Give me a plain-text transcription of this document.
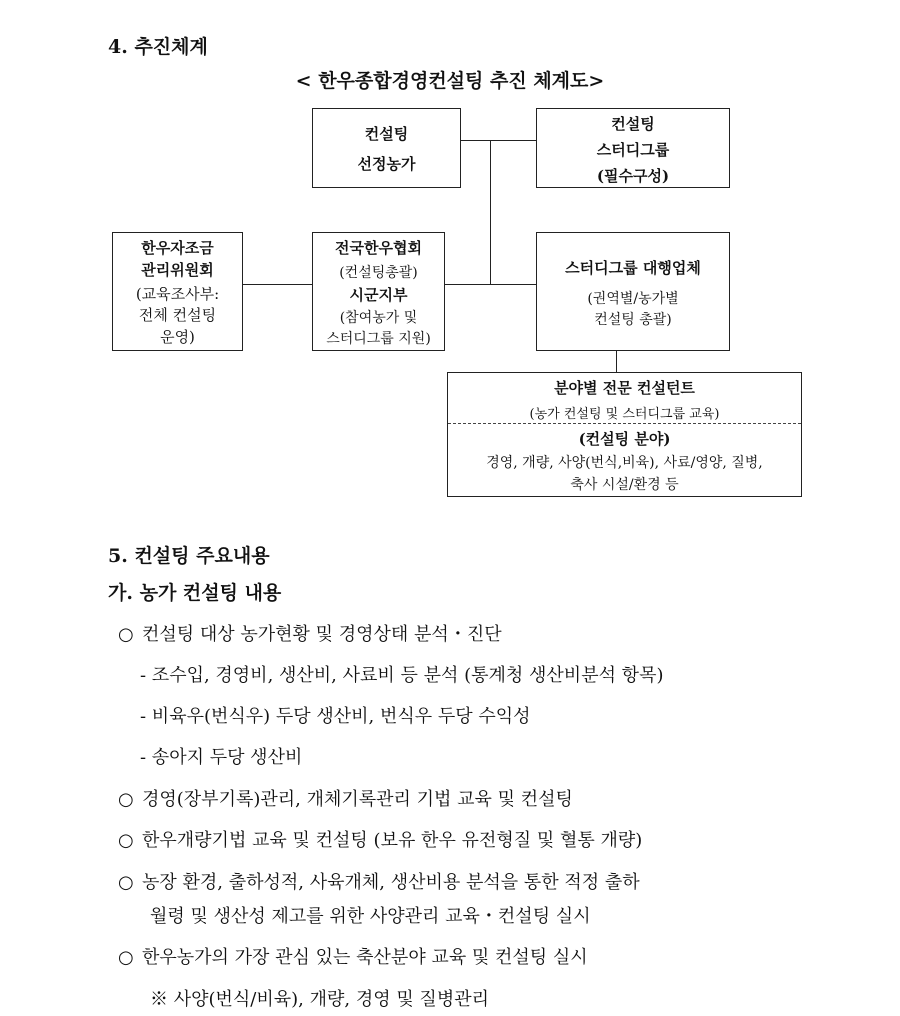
4. 추진체계
< 한우종합경영컨설팅 추진 체계도>
컨설팅
선정농가
컨설팅
스터디그룹
(필수구성)
한우자조금
관리위원회
(교육조사부:
전체 컨설팅
운영)
전국한우협회
(컨설팅총괄)
시군지부
(참여농가 및
스터디그룹 지원)
스터디그룹 대행업체
(권역별/농가별
컨설팅 총괄)
분야별 전문 컨설턴트
(농가 컨설팅 및 스터디그룹 교육)
(컨설팅 분야)
경영, 개량, 사양(번식,비육), 사료/영양, 질병,
축사 시설/환경 등
5. 컨설팅 주요내용
가. 농가 컨설팅 내용
○ 컨설팅 대상 농가현황 및 경영상태 분석・진단
- 조수입, 경영비, 생산비, 사료비 등 분석 (통계청 생산비분석 항목)
- 비육우(번식우) 두당 생산비, 번식우 두당 수익성
- 송아지 두당 생산비
○ 경영(장부기록)관리, 개체기록관리 기법 교육 및 컨설팅
○ 한우개량기법 교육 및 컨설팅 (보유 한우 유전형질 및 혈통 개량)
○ 농장 환경, 출하성적, 사육개체, 생산비용 분석을 통한 적정 출하
월령 및 생산성 제고를 위한 사양관리 교육・컨설팅 실시
○ 한우농가의 가장 관심 있는 축산분야 교육 및 컨설팅 실시
※ 사양(번식/비육), 개량, 경영 및 질병관리
